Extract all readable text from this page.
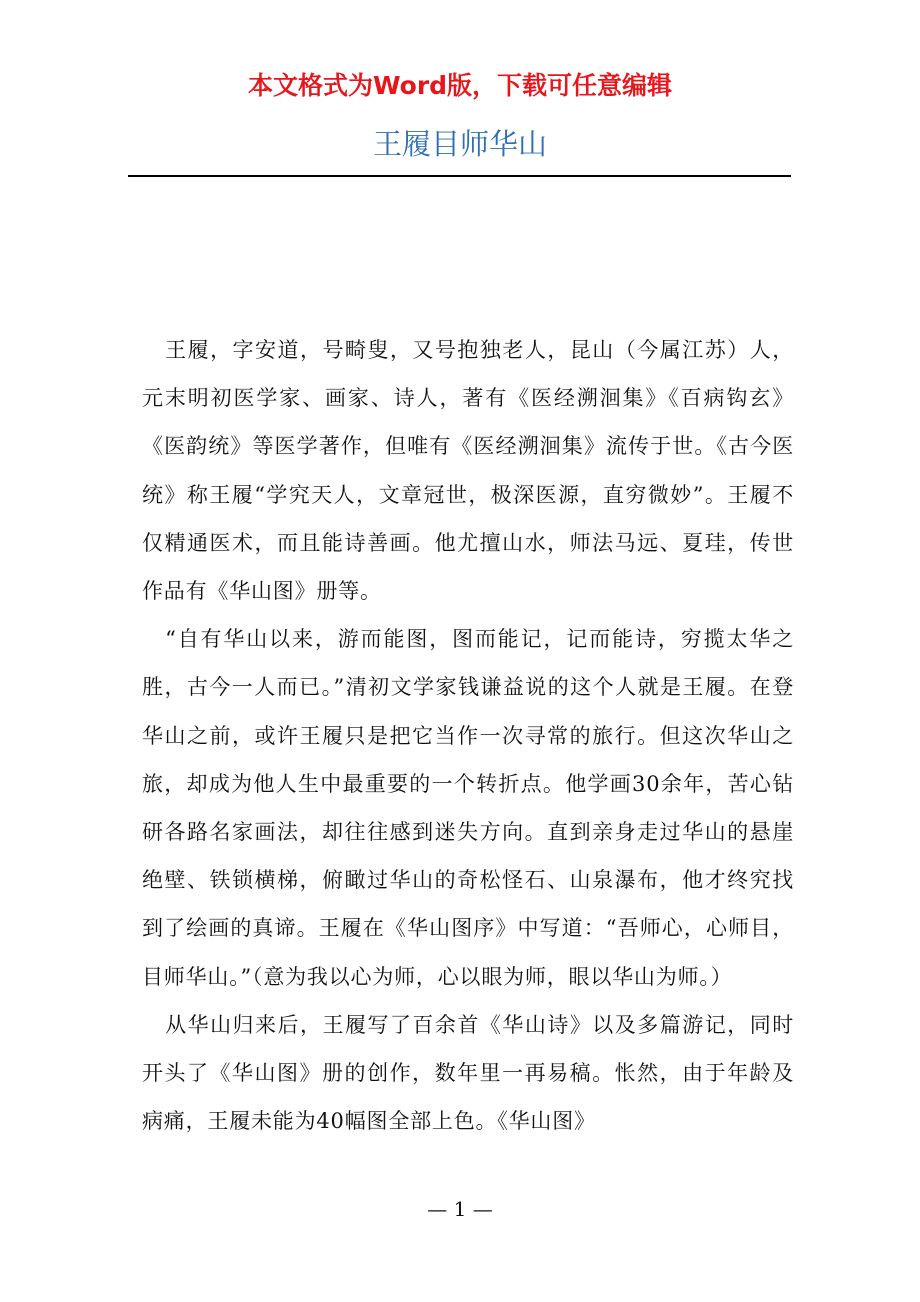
本文格式为Word版，下载可任意编辑
王履目师华山

王履，字安道，号畸叟，又号抱独老人，昆山（今属江苏）人，元末明初医学家、画家、诗人，著有《医经溯洄集》《百病钩玄》《医韵统》等医学著作，但唯有《医经溯洄集》流传于世。《古今医统》称王履“学究天人，文章冠世，极深医源，直穷微妙”。王履不仅精通医术，而且能诗善画。他尤擅山水，师法马远、夏珪，传世作品有《华山图》册等。

“自有华山以来，游而能图，图而能记，记而能诗，穷揽太华之胜，古今一人而已。”清初文学家钱谦益说的这个人就是王履。在登华山之前，或许王履只是把它当作一次寻常的旅行。但这次华山之旅，却成为他人生中最重要的一个转折点。他学画30余年，苦心钻研各路名家画法，却往往感到迷失方向。直到亲身走过华山的悬崖绝壁、铁锁横梯，俯瞰过华山的奇松怪石、山泉瀑布，他才终究找到了绘画的真谛。王履在《华山图序》中写道：“吾师心，心师目，目师华山。”（意为我以心为师，心以眼为师，眼以华山为师。）

从华山归来后，王履写了百余首《华山诗》以及多篇游记，同时开头了《华山图》册的创作，数年里一再易稿。怅然，由于年龄及病痛，王履未能为40幅图全部上色。《华山图》

— 1 —
